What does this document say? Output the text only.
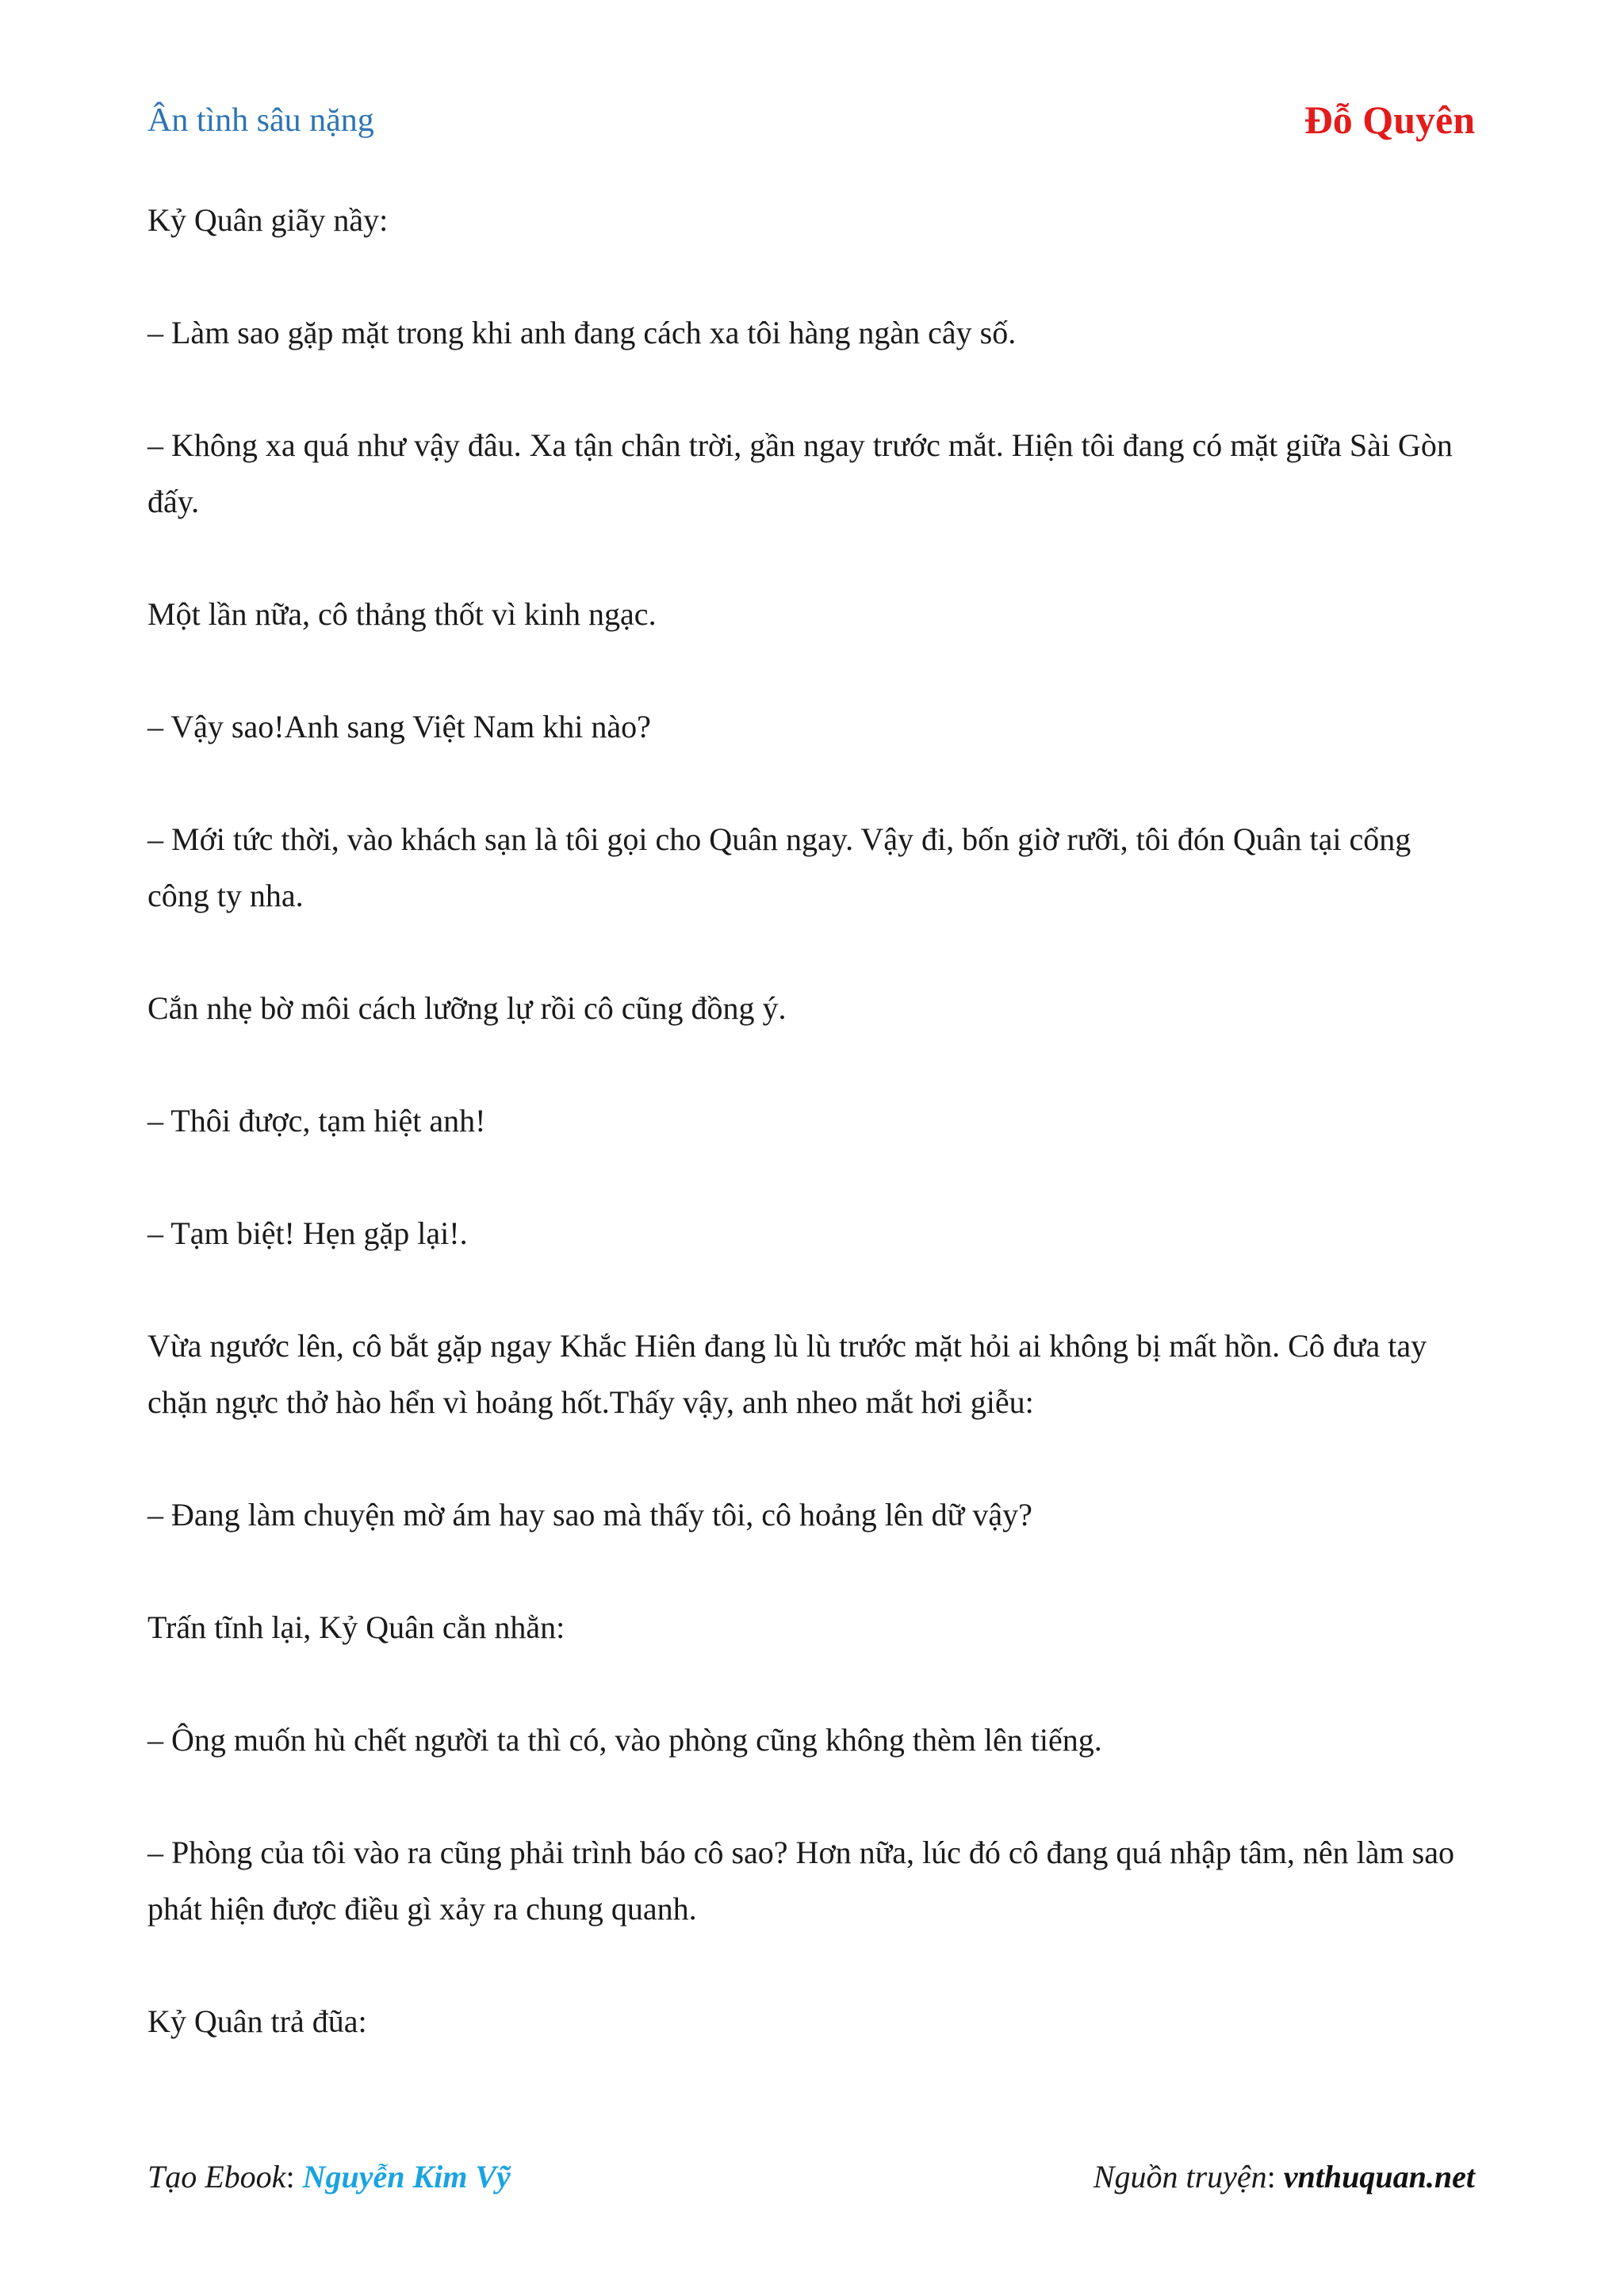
Ân tình sâu nặng	Đỗ Quyên

Kỷ Quân giãy nầy:

– Làm sao gặp mặt trong khi anh đang cách xa tôi hàng ngàn cây số.

– Không xa quá như vậy đâu. Xa tận chân trời, gần ngay trước mắt. Hiện tôi đang có mặt giữa Sài Gòn đấy.

Một lần nữa, cô thảng thốt vì kinh ngạc.

– Vậy sao!Anh sang Việt Nam khi nào?

– Mới tức thời, vào khách sạn là tôi gọi cho Quân ngay. Vậy đi, bốn giờ rưỡi, tôi đón Quân tại cổng công ty nha.

Cắn nhẹ bờ môi cách lưỡng lự rồi cô cũng đồng ý.

– Thôi được, tạm hiệt anh!

– Tạm biệt! Hẹn gặp lại!.

Vừa ngước lên, cô bắt gặp ngay Khắc Hiên đang lù lù trước mặt hỏi ai không bị mất hồn. Cô đưa tay chặn ngực thở hào hển vì hoảng hốt.Thấy vậy, anh nheo mắt hơi giễu:

– Đang làm chuyện mờ ám hay sao mà thấy tôi, cô hoảng lên dữ vậy?

Trấn tĩnh lại, Kỷ Quân cằn nhằn:

– Ông muốn hù chết người ta thì có, vào phòng cũng không thèm lên tiếng.

– Phòng của tôi vào ra cũng phải trình báo cô sao? Hơn nữa, lúc đó cô đang quá nhập tâm, nên làm sao phát hiện được điều gì xảy ra chung quanh.

Kỷ Quân trả đũa:

Tạo Ebook: Nguyễn Kim Vỹ	Nguồn truyện: vnthuquan.net
